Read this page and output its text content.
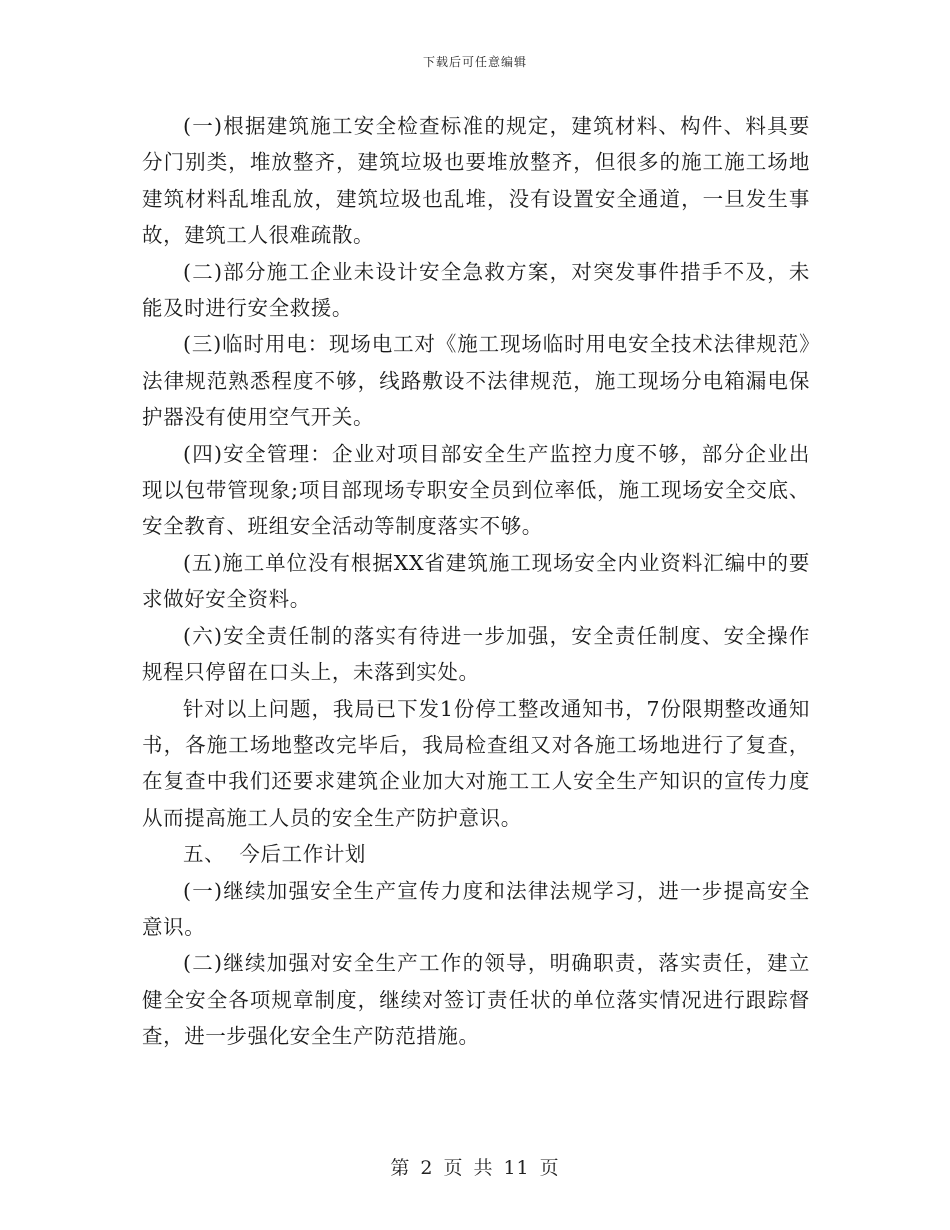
下载后可任意编辑

(一)根据建筑施工安全检查标准的规定，建筑材料、构件、料具要分门别类，堆放整齐，建筑垃圾也要堆放整齐，但很多的施工施工场地建筑材料乱堆乱放，建筑垃圾也乱堆，没有设置安全通道，一旦发生事故，建筑工人很难疏散。

(二)部分施工企业未设计安全急救方案，对突发事件措手不及，未能及时进行安全救援。

(三)临时用电：现场电工对《施工现场临时用电安全技术法律规范》法律规范熟悉程度不够，线路敷设不法律规范，施工现场分电箱漏电保护器没有使用空气开关。

(四)安全管理：企业对项目部安全生产监控力度不够，部分企业出现以包带管现象;项目部现场专职安全员到位率低，施工现场安全交底、安全教育、班组安全活动等制度落实不够。

(五)施工单位没有根据XX省建筑施工现场安全内业资料汇编中的要求做好安全资料。

(六)安全责任制的落实有待进一步加强，安全责任制度、安全操作规程只停留在口头上，未落到实处。

针对以上问题，我局已下发1份停工整改通知书，7份限期整改通知书，各施工场地整改完毕后，我局检查组又对各施工场地进行了复查，在复查中我们还要求建筑企业加大对施工工人安全生产知识的宣传力度从而提高施工人员的安全生产防护意识。

五、  今后工作计划

(一)继续加强安全生产宣传力度和法律法规学习，进一步提高安全意识。

(二)继续加强对安全生产工作的领导，明确职责，落实责任，建立健全安全各项规章制度，继续对签订责任状的单位落实情况进行跟踪督查，进一步强化安全生产防范措施。

第 2 页 共 11 页
